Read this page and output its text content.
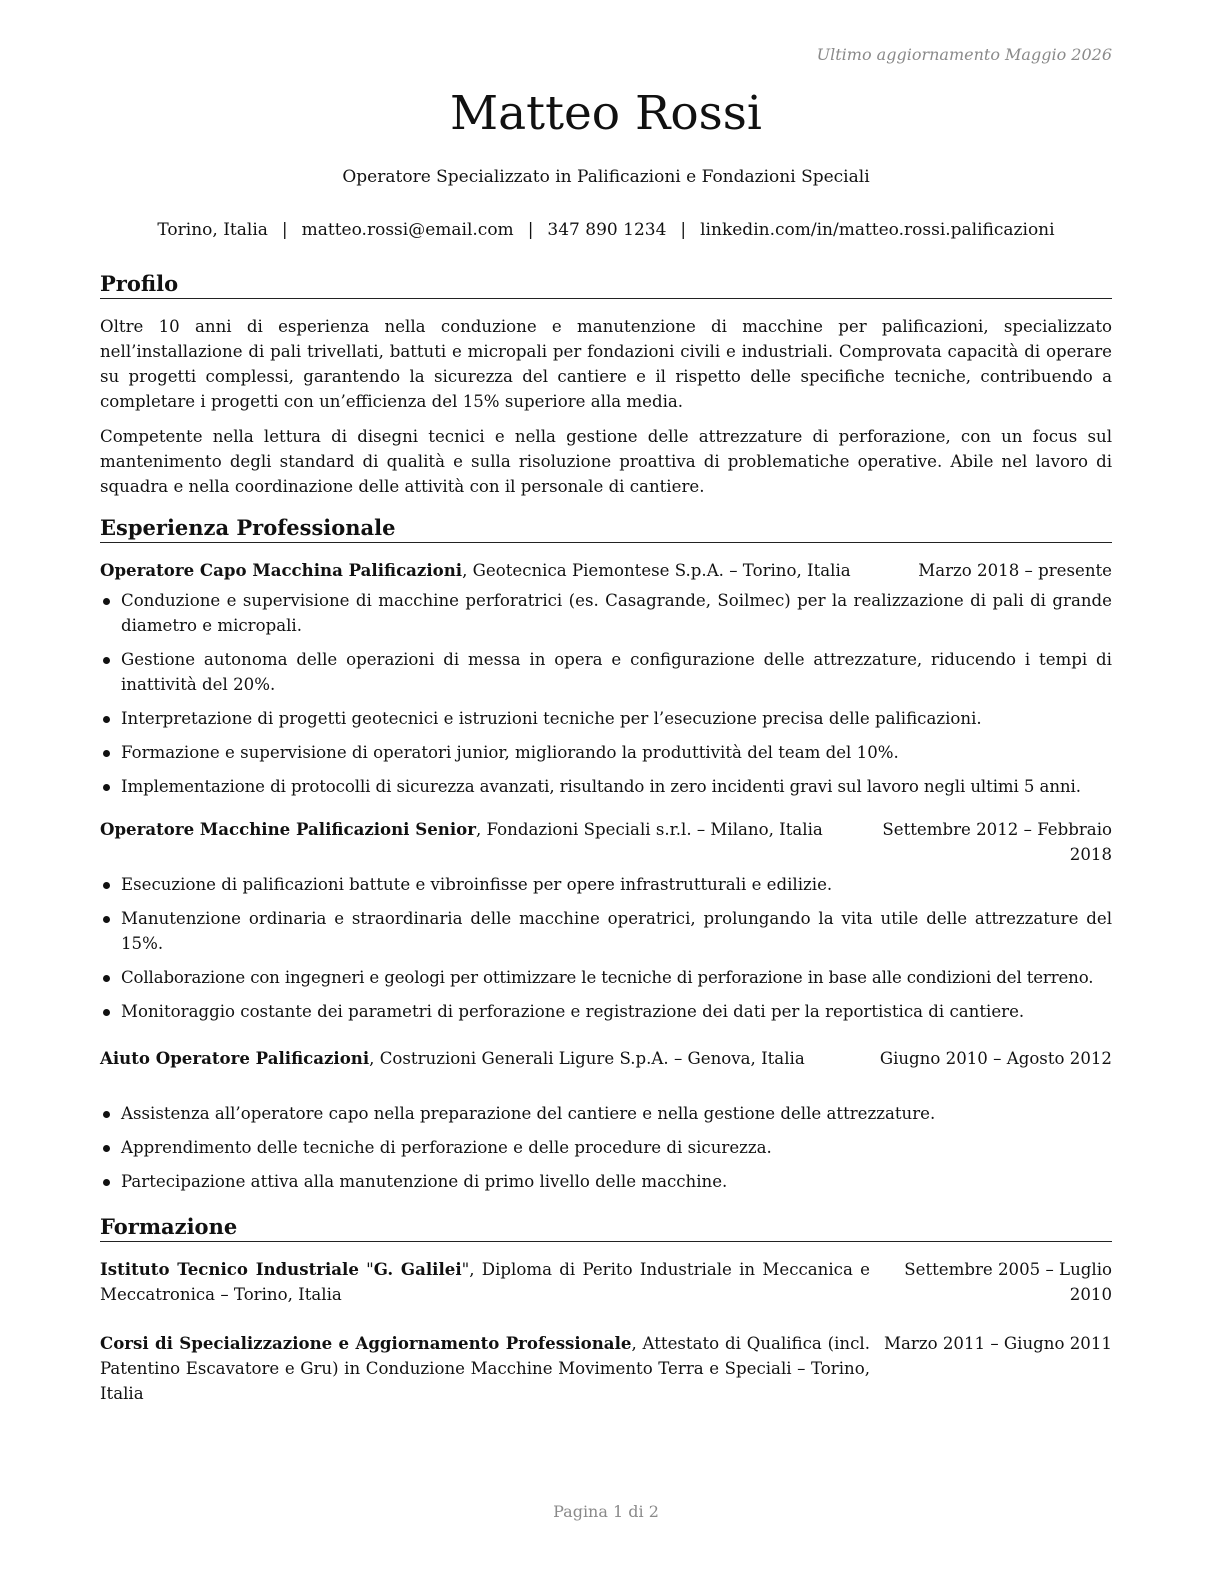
Ultimo aggiornamento Maggio 2026
Matteo Rossi
Operatore Specializzato in Palificazioni e Fondazioni Speciali
Torino, Italia | matteo.rossi@email.com | 347 890 1234 | linkedin.com/in/matteo.rossi.palificazioni
Profilo
Oltre 10 anni di esperienza nella conduzione e manutenzione di macchine per palificazioni, specializzato nell’installazione di pali trivellati, battuti e micropali per fondazioni civili e industriali. Comprovata capacità di operare su progetti complessi, garantendo la sicurezza del cantiere e il rispetto delle specifiche tecniche, contribuendo a completare i progetti con un’efficienza del 15% superiore alla media.
Competente nella lettura di disegni tecnici e nella gestione delle attrezzature di perforazione, con un focus sul mantenimento degli standard di qualità e sulla risoluzione proattiva di problematiche operative. Abile nel lavoro di squadra e nella coordinazione delle attività con il personale di cantiere.
Esperienza Professionale
Operatore Capo Macchina Palificazioni, Geotecnica Piemontese S.p.A. – Torino, Italia	Marzo 2018 – presente
Conduzione e supervisione di macchine perforatrici (es. Casagrande, Soilmec) per la realizzazione di pali di grande diametro e micropali.
Gestione autonoma delle operazioni di messa in opera e configurazione delle attrezzature, riducendo i tempi di inattività del 20%.
Interpretazione di progetti geotecnici e istruzioni tecniche per l’esecuzione precisa delle palificazioni.
Formazione e supervisione di operatori junior, migliorando la produttività del team del 10%.
Implementazione di protocolli di sicurezza avanzati, risultando in zero incidenti gravi sul lavoro negli ultimi 5 anni.
Operatore Macchine Palificazioni Senior, Fondazioni Speciali s.r.l. – Milano, Italia	Settembre 2012 – Febbraio 2018
Esecuzione di palificazioni battute e vibroinfisse per opere infrastrutturali e edilizie.
Manutenzione ordinaria e straordinaria delle macchine operatrici, prolungando la vita utile delle attrezzature del 15%.
Collaborazione con ingegneri e geologi per ottimizzare le tecniche di perforazione in base alle condizioni del terreno.
Monitoraggio costante dei parametri di perforazione e registrazione dei dati per la reportistica di cantiere.
Aiuto Operatore Palificazioni, Costruzioni Generali Ligure S.p.A. – Genova, Italia	Giugno 2010 – Agosto 2012
Assistenza all’operatore capo nella preparazione del cantiere e nella gestione delle attrezzature.
Apprendimento delle tecniche di perforazione e delle procedure di sicurezza.
Partecipazione attiva alla manutenzione di primo livello delle macchine.
Formazione
Istituto Tecnico Industriale "G. Galilei", Diploma di Perito Industriale in Meccanica e Meccatronica – Torino, Italia
Settembre 2005 – Luglio 2010
Corsi di Specializzazione e Aggiornamento Professionale, Attestato di Qualifica (incl. Patentino Escavatore e Gru) in Conduzione Macchine Movimento Terra e Speciali – Torino, Italia
Marzo 2011 – Giugno 2011
Pagina 1 di 2
